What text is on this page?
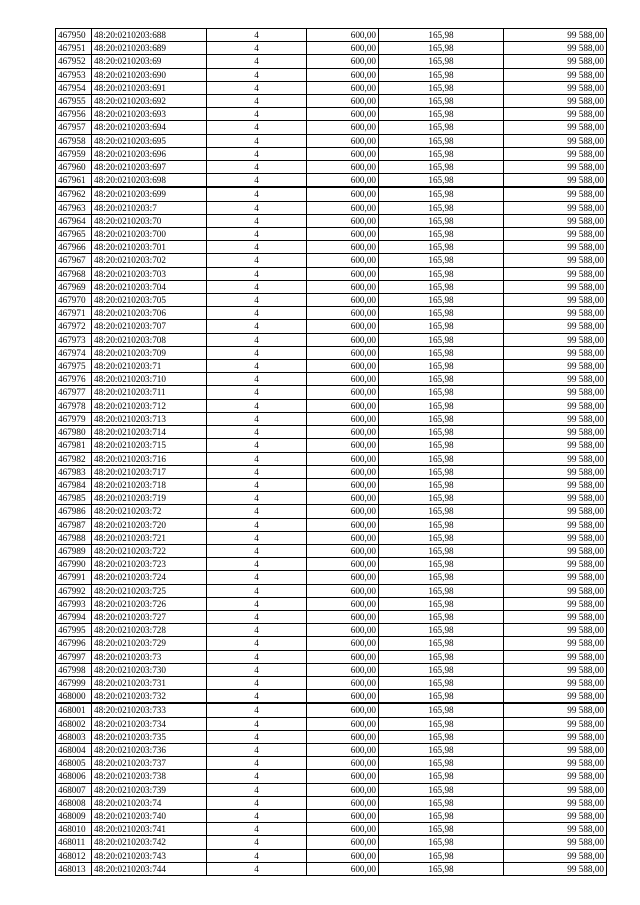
467950	48:20:0210203:688	4	600,00	165,98	99 588,00
467951	48:20:0210203:689	4	600,00	165,98	99 588,00
467952	48:20:0210203:69	4	600,00	165,98	99 588,00
467953	48:20:0210203:690	4	600,00	165,98	99 588,00
467954	48:20:0210203:691	4	600,00	165,98	99 588,00
467955	48:20:0210203:692	4	600,00	165,98	99 588,00
467956	48:20:0210203:693	4	600,00	165,98	99 588,00
467957	48:20:0210203:694	4	600,00	165,98	99 588,00
467958	48:20:0210203:695	4	600,00	165,98	99 588,00
467959	48:20:0210203:696	4	600,00	165,98	99 588,00
467960	48:20:0210203:697	4	600,00	165,98	99 588,00
467961	48:20:0210203:698	4	600,00	165,98	99 588,00
467962	48:20:0210203:699	4	600,00	165,98	99 588,00
467963	48:20:0210203:7	4	600,00	165,98	99 588,00
467964	48:20:0210203:70	4	600,00	165,98	99 588,00
467965	48:20:0210203:700	4	600,00	165,98	99 588,00
467966	48:20:0210203:701	4	600,00	165,98	99 588,00
467967	48:20:0210203:702	4	600,00	165,98	99 588,00
467968	48:20:0210203:703	4	600,00	165,98	99 588,00
467969	48:20:0210203:704	4	600,00	165,98	99 588,00
467970	48:20:0210203:705	4	600,00	165,98	99 588,00
467971	48:20:0210203:706	4	600,00	165,98	99 588,00
467972	48:20:0210203:707	4	600,00	165,98	99 588,00
467973	48:20:0210203:708	4	600,00	165,98	99 588,00
467974	48:20:0210203:709	4	600,00	165,98	99 588,00
467975	48:20:0210203:71	4	600,00	165,98	99 588,00
467976	48:20:0210203:710	4	600,00	165,98	99 588,00
467977	48:20:0210203:711	4	600,00	165,98	99 588,00
467978	48:20:0210203:712	4	600,00	165,98	99 588,00
467979	48:20:0210203:713	4	600,00	165,98	99 588,00
467980	48:20:0210203:714	4	600,00	165,98	99 588,00
467981	48:20:0210203:715	4	600,00	165,98	99 588,00
467982	48:20:0210203:716	4	600,00	165,98	99 588,00
467983	48:20:0210203:717	4	600,00	165,98	99 588,00
467984	48:20:0210203:718	4	600,00	165,98	99 588,00
467985	48:20:0210203:719	4	600,00	165,98	99 588,00
467986	48:20:0210203:72	4	600,00	165,98	99 588,00
467987	48:20:0210203:720	4	600,00	165,98	99 588,00
467988	48:20:0210203:721	4	600,00	165,98	99 588,00
467989	48:20:0210203:722	4	600,00	165,98	99 588,00
467990	48:20:0210203:723	4	600,00	165,98	99 588,00
467991	48:20:0210203:724	4	600,00	165,98	99 588,00
467992	48:20:0210203:725	4	600,00	165,98	99 588,00
467993	48:20:0210203:726	4	600,00	165,98	99 588,00
467994	48:20:0210203:727	4	600,00	165,98	99 588,00
467995	48:20:0210203:728	4	600,00	165,98	99 588,00
467996	48:20:0210203:729	4	600,00	165,98	99 588,00
467997	48:20:0210203:73	4	600,00	165,98	99 588,00
467998	48:20:0210203:730	4	600,00	165,98	99 588,00
467999	48:20:0210203:731	4	600,00	165,98	99 588,00
468000	48:20:0210203:732	4	600,00	165,98	99 588,00
468001	48:20:0210203:733	4	600,00	165,98	99 588,00
468002	48:20:0210203:734	4	600,00	165,98	99 588,00
468003	48:20:0210203:735	4	600,00	165,98	99 588,00
468004	48:20:0210203:736	4	600,00	165,98	99 588,00
468005	48:20:0210203:737	4	600,00	165,98	99 588,00
468006	48:20:0210203:738	4	600,00	165,98	99 588,00
468007	48:20:0210203:739	4	600,00	165,98	99 588,00
468008	48:20:0210203:74	4	600,00	165,98	99 588,00
468009	48:20:0210203:740	4	600,00	165,98	99 588,00
468010	48:20:0210203:741	4	600,00	165,98	99 588,00
468011	48:20:0210203:742	4	600,00	165,98	99 588,00
468012	48:20:0210203:743	4	600,00	165,98	99 588,00
468013	48:20:0210203:744	4	600,00	165,98	99 588,00
